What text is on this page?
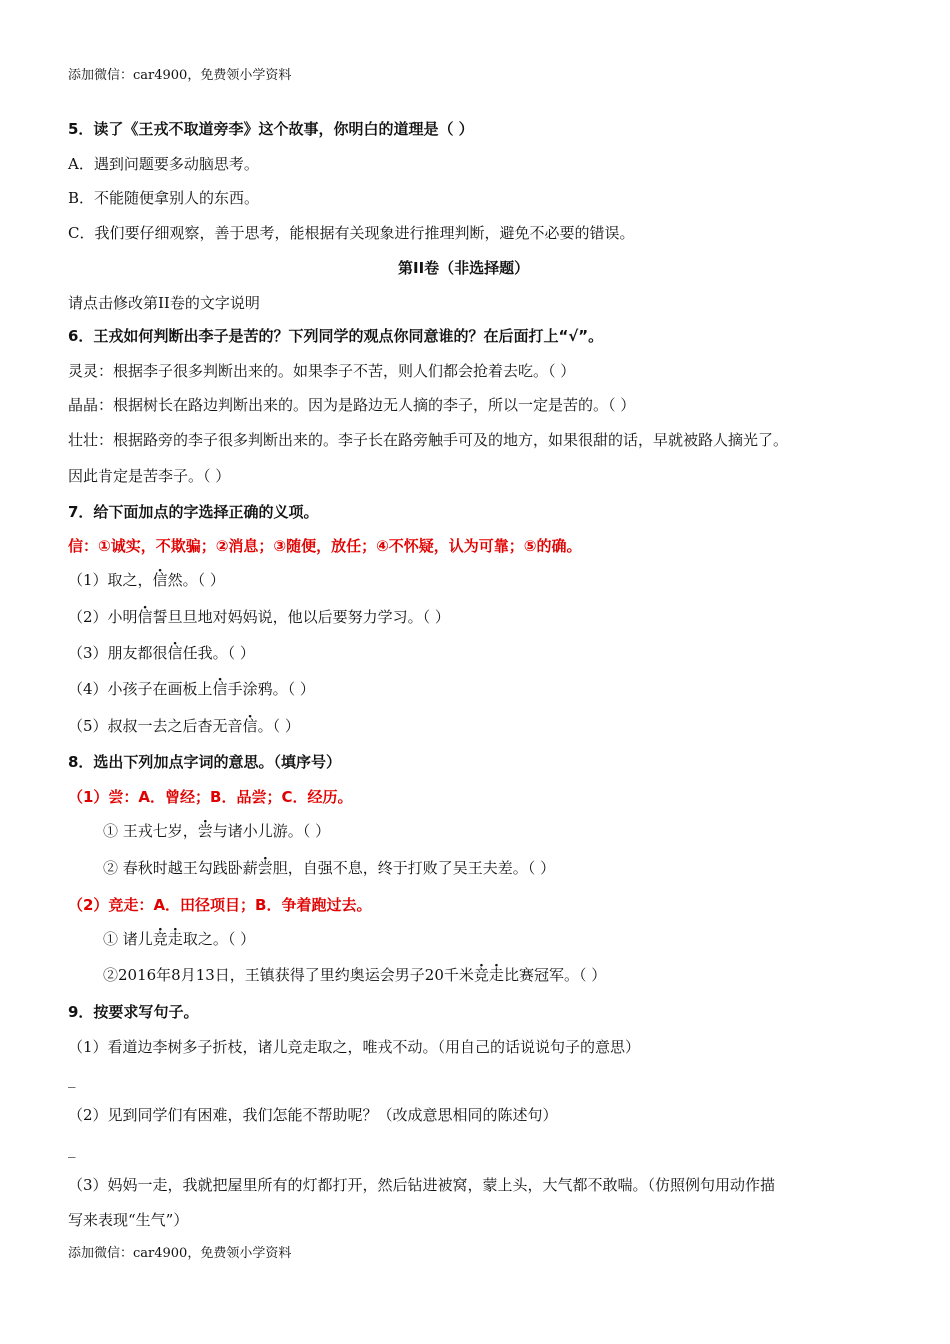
添加微信：car4900，免费领小学资料
5．读了《王戎不取道旁李》这个故事，你明白的道理是（ ）
A．遇到问题要多动脑思考。
B．不能随便拿别人的东西。
C．我们要仔细观察，善于思考，能根据有关现象进行推理判断，避免不必要的错误。
第II卷（非选择题）
请点击修改第II卷的文字说明
6．王戎如何判断出李子是苦的？下列同学的观点你同意谁的？在后面打上“√”。
灵灵：根据李子很多判断出来的。如果李子不苦，则人们都会抢着去吃。（ ）
晶晶：根据树长在路边判断出来的。因为是路边无人摘的李子，所以一定是苦的。（ ）
壮壮：根据路旁的李子很多判断出来的。李子长在路旁触手可及的地方，如果很甜的话，早就被路人摘光了。
因此肯定是苦李子。（ ）
7．给下面加点的字选择正确的义项。
信：①诚实，不欺骗；②消息；③随便，放任；④不怀疑，认为可靠；⑤的确。
（1）取之，信然。（ ）
（2）小明信誓旦旦地对妈妈说，他以后要努力学习。（ ）
（3）朋友都很信任我。（ ）
（4）小孩子在画板上信手涂鸦。（ ）
（5）叔叔一去之后杳无音信。（ ）
8．选出下列加点字词的意思。（填序号）
（1）尝：A．曾经；B．品尝；C．经历。
① 王戎七岁，尝与诸小儿游。（ ）
② 春秋时越王勾践卧薪尝胆，自强不息，终于打败了吴王夫差。（ ）
（2）竞走：A．田径项目；B．争着跑过去。
① 诸儿竞走取之。（ ）
②2016年8月13日，王镇获得了里约奥运会男子20千米竞走比赛冠军。（ ）
9．按要求写句子。
（1）看道边李树多子折枝，诸儿竞走取之，唯戎不动。（用自己的话说说句子的意思）
_
（2）见到同学们有困难，我们怎能不帮助呢？（改成意思相同的陈述句）
_
（3）妈妈一走，我就把屋里所有的灯都打开，然后钻进被窝，蒙上头，大气都不敢喘。（仿照例句用动作描
写来表现“生气”）
添加微信：car4900，免费领小学资料
